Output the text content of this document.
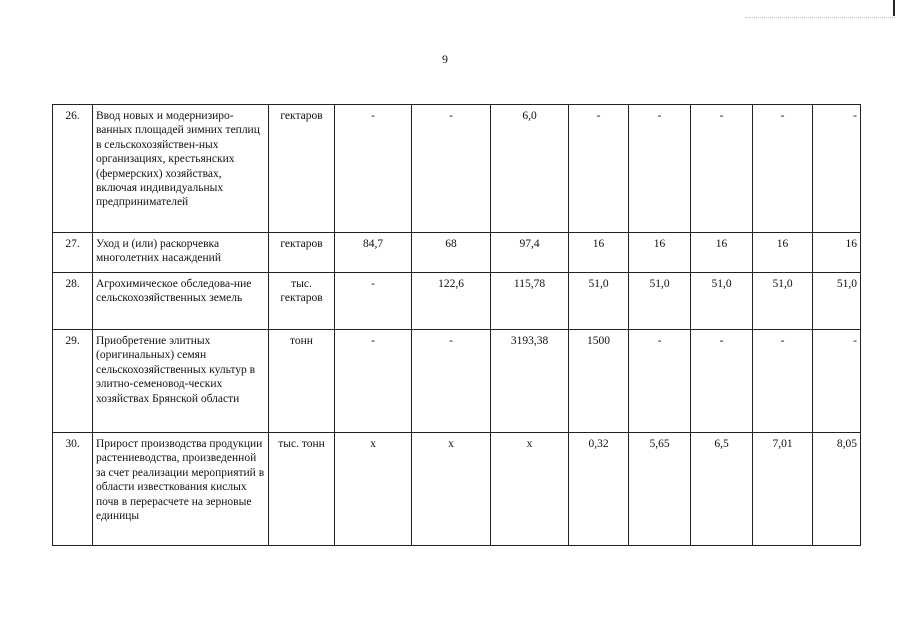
9
26.	Ввод новых и модернизиро-ванных площадей зимних теплиц в сельскохозяйствен-ных организациях, крестьянских (фермерских) хозяйствах, включая индивидуальных предпринимателей	гектаров	-	-	6,0	-	-	-	-	-
27.	Уход и (или) раскорчевка многолетних насаждений	гектаров	84,7	68	97,4	16	16	16	16	16
28.	Агрохимическое обследова-ние сельскохозяйственных земель	тыс. гектаров	-	122,6	115,78	51,0	51,0	51,0	51,0	51,0
29.	Приобретение элитных (оригинальных) семян сельскохозяйственных культур в элитно-семеновод-ческих хозяйствах Брянской области	тонн	-	-	3193,38	1500	-	-	-	-
30.	Прирост производства продукции растениеводства, произведенной за счет реализации мероприятий в области известкования кислых почв в перерасчете на зерновые единицы	тыс. тонн	х	х	х	0,32	5,65	6,5	7,01	8,05
